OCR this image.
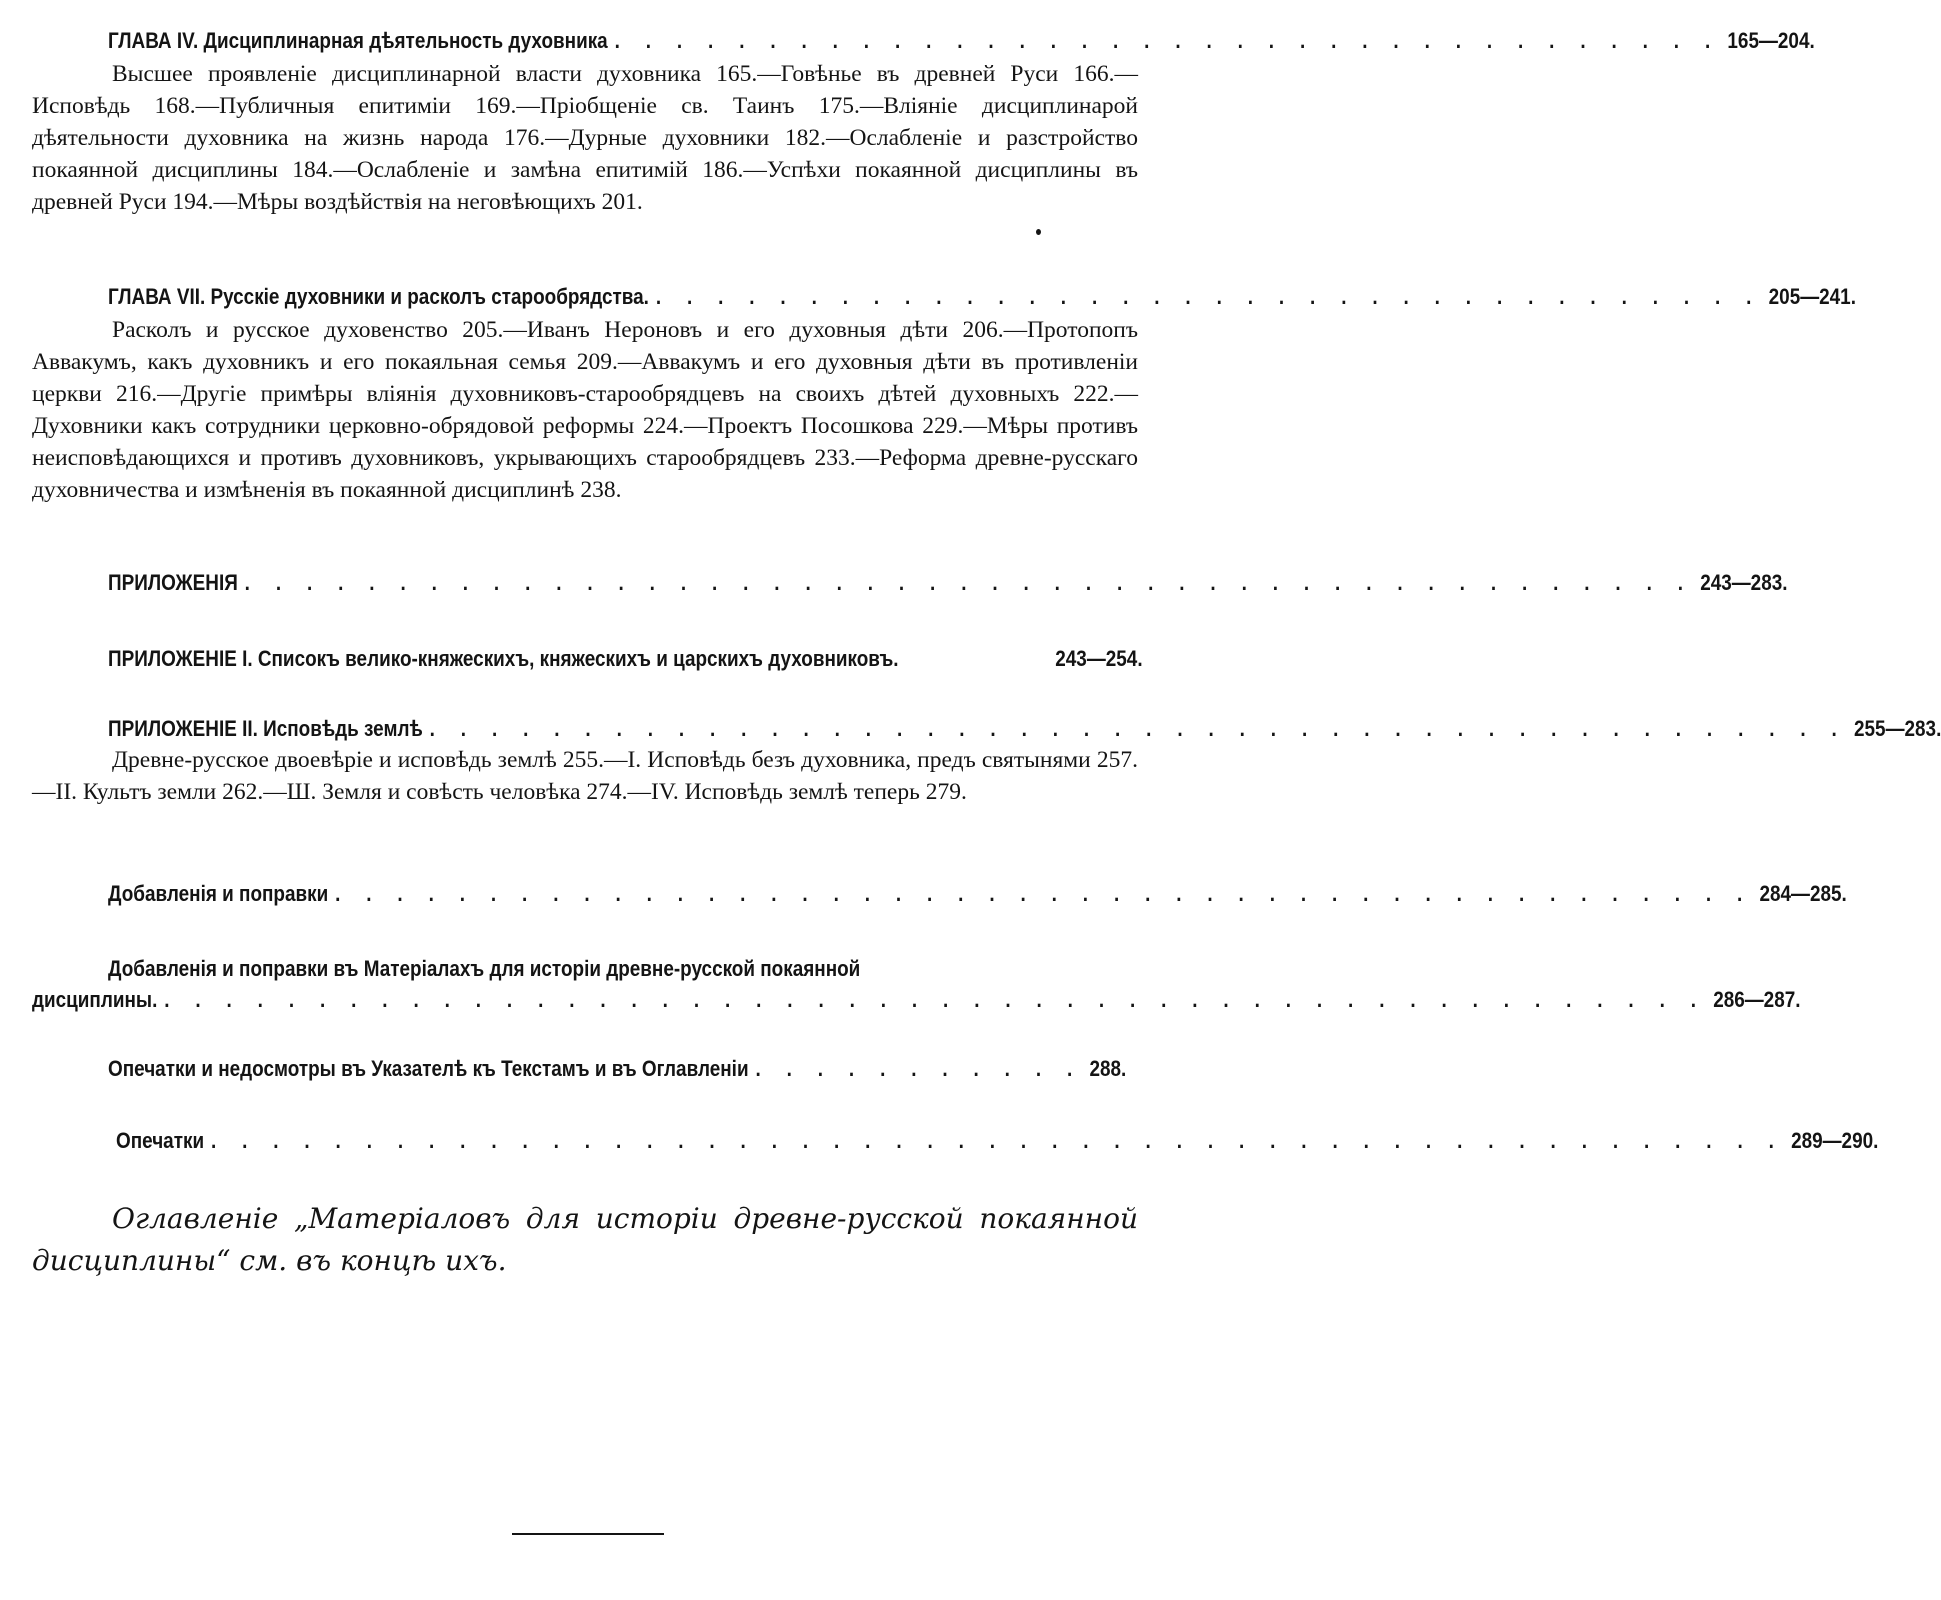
ГЛАВА IV. Дисциплинарная дѣятельность духовника . . . . . . . . . . . . . . . . . . . . . . . . . . . . . . . . . . . . 165—204.

Высшее проявленіе дисциплинарной власти духовника 165.—Говѣнье въ древней Руси 166.—Исповѣдь 168.—Публичныя епитиміи 169.—Пріобщеніе св. Таинъ 175.—Вліяніе дисциплинарой дѣятельности духовника на жизнь народа 176.—Дурные духовники 182.—Ослабленіе и разстройство покаянной дисциплины 184.—Ослабленіе и замѣна епитимій 186.—Успѣхи покаянной дисциплины въ древней Руси 194.—Мѣры воздѣйствія на неговѣющихъ 201.

ГЛАВА VII. Русскіе духовники и расколъ старообрядства. . . . . . . . . . . . . . . . . . . . . . . . . . . . . . . . . . . . . 205—241.

Расколъ и русское духовенство 205.—Иванъ Нероновъ и его духовныя дѣти 206.—Протопопъ Аввакумъ, какъ духовникъ и его покаяльная семья 209.—Аввакумъ и его духовныя дѣти въ противленіи церкви 216.—Другіе примѣры вліянія духовниковъ-старообрядцевъ на своихъ дѣтей духовныхъ 222.—Духовники какъ сотрудники церковно-обрядовой реформы 224.—Проектъ Посошкова 229.—Мѣры противъ неисповѣдающихся и противъ духовниковъ, укрывающихъ старообрядцевъ 233.—Реформа древне-русскаго духовничества и измѣненія въ покаянной дисциплинѣ 238.

ПРИЛОЖЕНІЯ . . . . . . . . . . . . . . . . . . . . . . . . . . . . . . . . . . . . . . . . . . . . . . . 243—283.
ПРИЛОЖЕНІЕ I. Списокъ велико-княжескихъ, княжескихъ и царскихъ духовниковъ.	243—254.
ПРИЛОЖЕНІЕ II. Исповѣдь землѣ . . . . . . . . . . . . . . . . . . . . . . . . . . . . . . . . . . . . . . . . . . . . . . 255—283.

Древне-русское двоевѣріе и исповѣдь землѣ 255.—I. Исповѣдь безъ духовника, предъ святынями 257.—II. Культъ земли 262.—Ш. Земля и совѣсть человѣка 274.—IV. Исповѣдь землѣ теперь 279.

Добавленія и поправки . . . . . . . . . . . . . . . . . . . . . . . . . . . . . . . . . . . . . . . . . . . . . . 284—285.
Добавленія и поправки въ Матеріалахъ для исторіи древне-русской покаянной
дисциплины. . . . . . . . . . . . . . . . . . . . . . . . . . . . . . . . . . . . . . . . . . . . . . . . . . . 286—287.
Опечатки и недосмотры въ Указателѣ къ Текстамъ и въ Оглавленіи . . . . . . . . . . . 288.
Опечатки . . . . . . . . . . . . . . . . . . . . . . . . . . . . . . . . . . . . . . . . . . . . . . . . . . . 289—290.

Оглавленіе „Матеріаловъ для исторіи древне-русской покаянной дисциплины“ см. въ концѣ ихъ.
